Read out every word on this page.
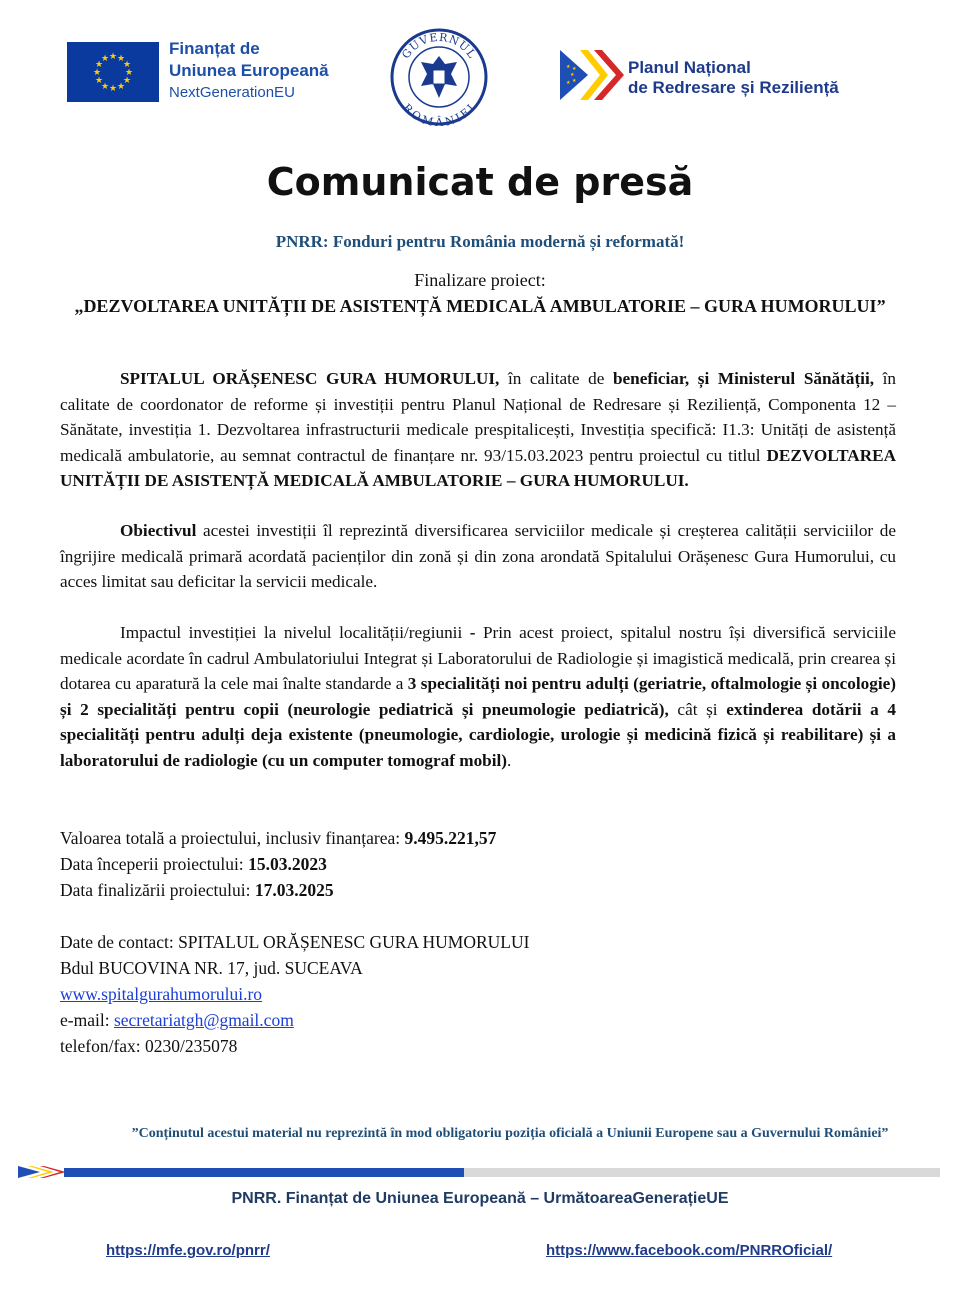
★ ★
★
★
★
★
★
★
★
★
★
★
Finanțat de
Uniunea Europeană
NextGenerationEU
GUVERNUL
ROMÂNIEI
★
★
★
★
★
Planul Național
de Redresare și Reziliență
Comunicat de presă
PNRR: Fonduri pentru România modernă și reformată!
Finalizare proiect:
„DEZVOLTAREA UNITĂȚII DE ASISTENȚĂ MEDICALĂ AMBULATORIE – GURA HUMORULUI”
SPITALUL ORĂȘENESC GURA HUMORULUI, în calitate de beneficiar, și Ministerul Sănătății, în calitate de coordonator de reforme și investiții pentru Planul Național de Redresare și Reziliență, Componenta 12 – Sănătate, investiția 1. Dezvoltarea infrastructurii medicale prespitalicești, Investiția specifică: I1.3: Unități de asistență medicală ambulatorie, au semnat contractul de finanțare nr. 93/15.03.2023 pentru proiectul cu titlul DEZVOLTAREA UNITĂȚII DE ASISTENȚĂ MEDICALĂ AMBULATORIE – GURA HUMORULUI.
Obiectivul acestei investiții îl reprezintă diversificarea serviciilor medicale și creșterea calității serviciilor de îngrijire medicală primară acordată pacienților din zonă și din zona arondată Spitalului Orășenesc Gura Humorului, cu acces limitat sau deficitar la servicii medicale.
Impactul investiției la nivelul localității/regiunii - Prin acest proiect, spitalul nostru își diversifică serviciile medicale acordate în cadrul Ambulatoriului Integrat și Laboratorului de Radiologie și imagistică medicală, prin crearea și dotarea cu aparatură la cele mai înalte standarde a 3 specialități noi pentru adulți (geriatrie, oftalmologie și oncologie) și 2 specialități pentru copii (neurologie pediatrică și pneumologie pediatrică), cât și extinderea dotării a 4 specialități pentru adulți deja existente (pneumologie, cardiologie, urologie și medicină fizică și reabilitare) și a laboratorului de radiologie (cu un computer tomograf mobil).
Valoarea totală a proiectului, inclusiv finanțarea: 9.495.221,57
Data începerii proiectului: 15.03.2023
Data finalizării proiectului: 17.03.2025
Date de contact: SPITALUL ORĂȘENESC GURA HUMORULUI
Bdul BUCOVINA NR. 17, jud. SUCEAVA
www.spitalgurahumorului.ro
e-mail: secretariatgh@gmail.com
telefon/fax: 0230/235078
”Conținutul acestui material nu reprezintă în mod obligatoriu poziția oficială a Uniunii Europene sau a Guvernului României”
PNRR. Finanțat de Uniunea Europeană – UrmătoareaGenerațieUE
https://mfe.gov.ro/pnrr/	https://www.facebook.com/PNRROficial/
